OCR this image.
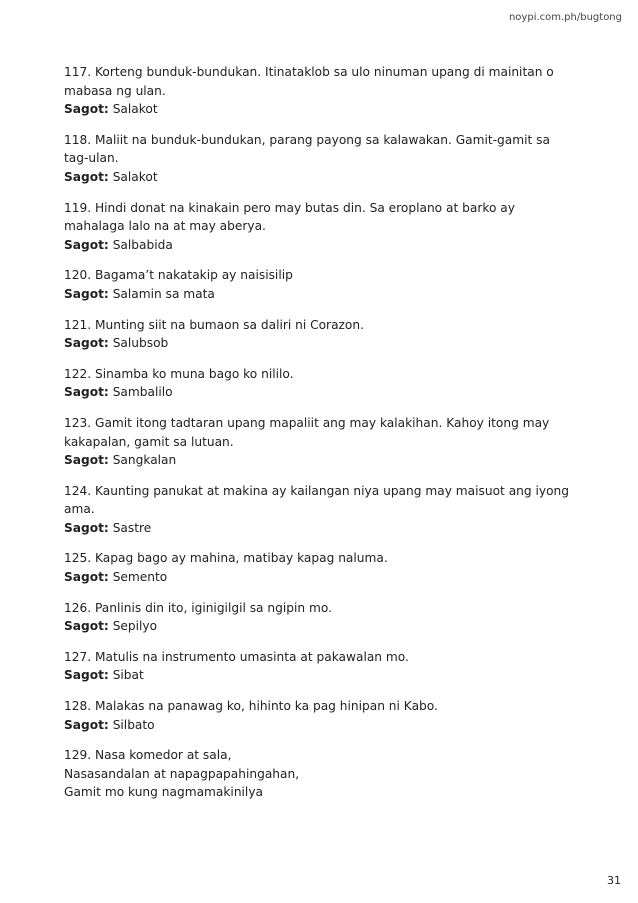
noypi.com.ph/bugtong

117. Korteng bunduk-bundukan. Itinataklob sa ulo ninuman upang di mainitan o mabasa ng ulan.

Sagot: Salakot

118. Maliit na bunduk-bundukan, parang payong sa kalawakan. Gamit-gamit sa tag-ulan.

Sagot: Salakot

119. Hindi donat na kinakain pero may butas din. Sa eroplano at barko ay mahalaga lalo na at may aberya.

Sagot: Salbabida

120. Bagama’t nakatakip ay naisisilip

Sagot: Salamin sa mata

121. Munting siit na bumaon sa daliri ni Corazon.

Sagot: Salubsob

122. Sinamba ko muna bago ko nililo.

Sagot: Sambalilo

123. Gamit itong tadtaran upang mapaliit ang may kalakihan. Kahoy itong may kakapalan, gamit sa lutuan.

Sagot: Sangkalan

124. Kaunting panukat at makina ay kailangan niya upang may maisuot ang iyong ama.

Sagot: Sastre

125. Kapag bago ay mahina, matibay kapag naluma.

Sagot: Semento

126. Panlinis din ito, iginigilgil sa ngipin mo.

Sagot: Sepilyo

127. Matulis na instrumento umasinta at pakawalan mo.

Sagot: Sibat

128. Malakas na panawag ko, hihinto ka pag hinipan ni Kabo.

Sagot: Silbato

129. Nasa komedor at sala,

Nasasandalan at napagpapahingahan,

Gamit mo kung nagmamakinilya

31
